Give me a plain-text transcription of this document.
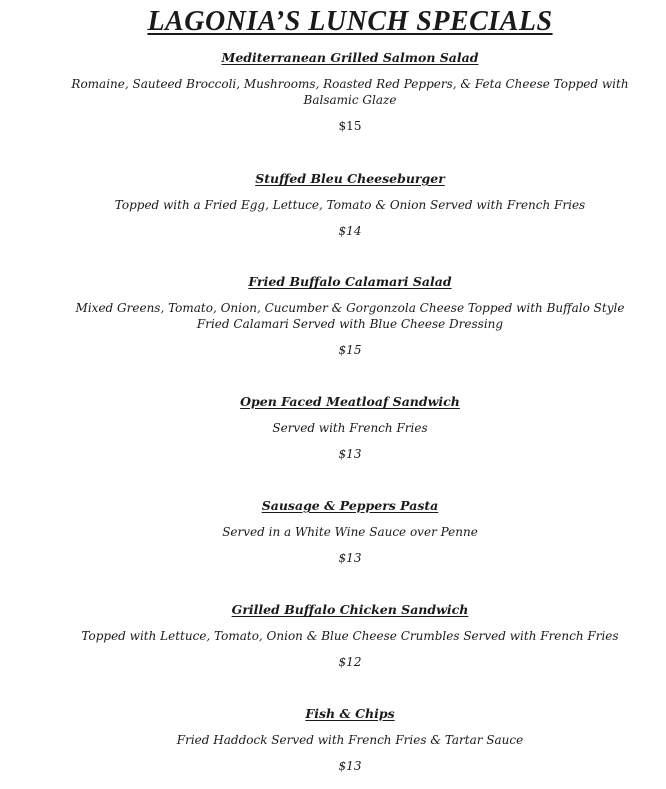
LAGONIA’S LUNCH SPECIALS
Mediterranean Grilled Salmon Salad
Romaine, Sauteed Broccoli, Mushrooms, Roasted Red Peppers, & Feta Cheese Topped with Balsamic Glaze
$15
Stuffed Bleu Cheeseburger
Topped with a Fried Egg, Lettuce, Tomato & Onion Served with French Fries
$14
Fried Buffalo Calamari Salad
Mixed Greens, Tomato, Onion, Cucumber & Gorgonzola Cheese Topped with Buffalo Style Fried Calamari Served with Blue Cheese Dressing
$15
Open Faced Meatloaf Sandwich
Served with French Fries
$13
Sausage & Peppers Pasta
Served in a White Wine Sauce over Penne
$13
Grilled Buffalo Chicken Sandwich
Topped with Lettuce, Tomato, Onion & Blue Cheese Crumbles Served with French Fries
$12
Fish & Chips
Fried Haddock Served with French Fries & Tartar Sauce
$13
